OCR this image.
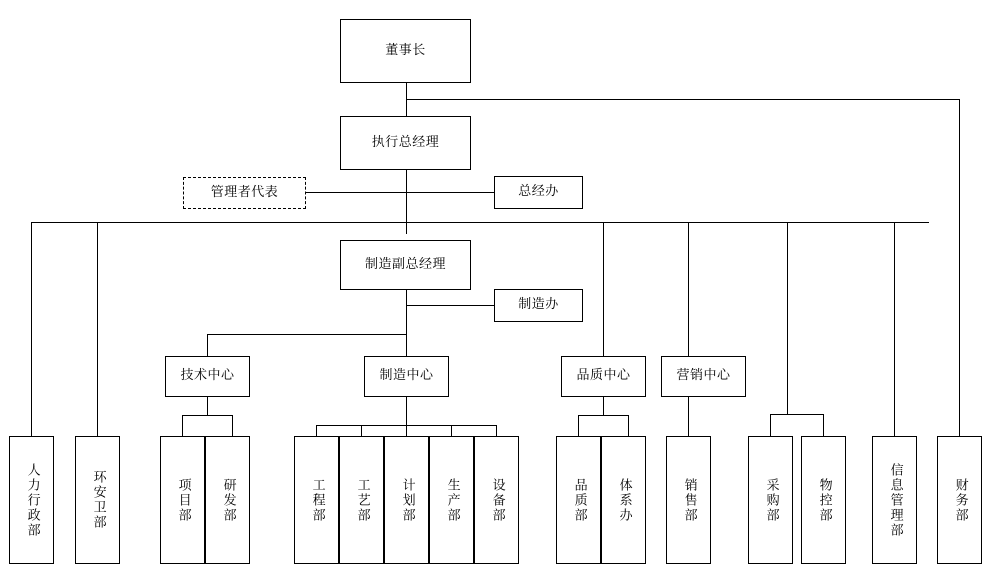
董事长
执行总经理
管理者代表	总经办
制造副总经理
制造办
技术中心	制造中心	品质中心	营销中心
人力行政部	环安卫部	项目部 研发部	工程部 工艺部 计划部 生产部 设备部	品质部 体系办	销售部	采购部	物控部	信息管理部	财务部
